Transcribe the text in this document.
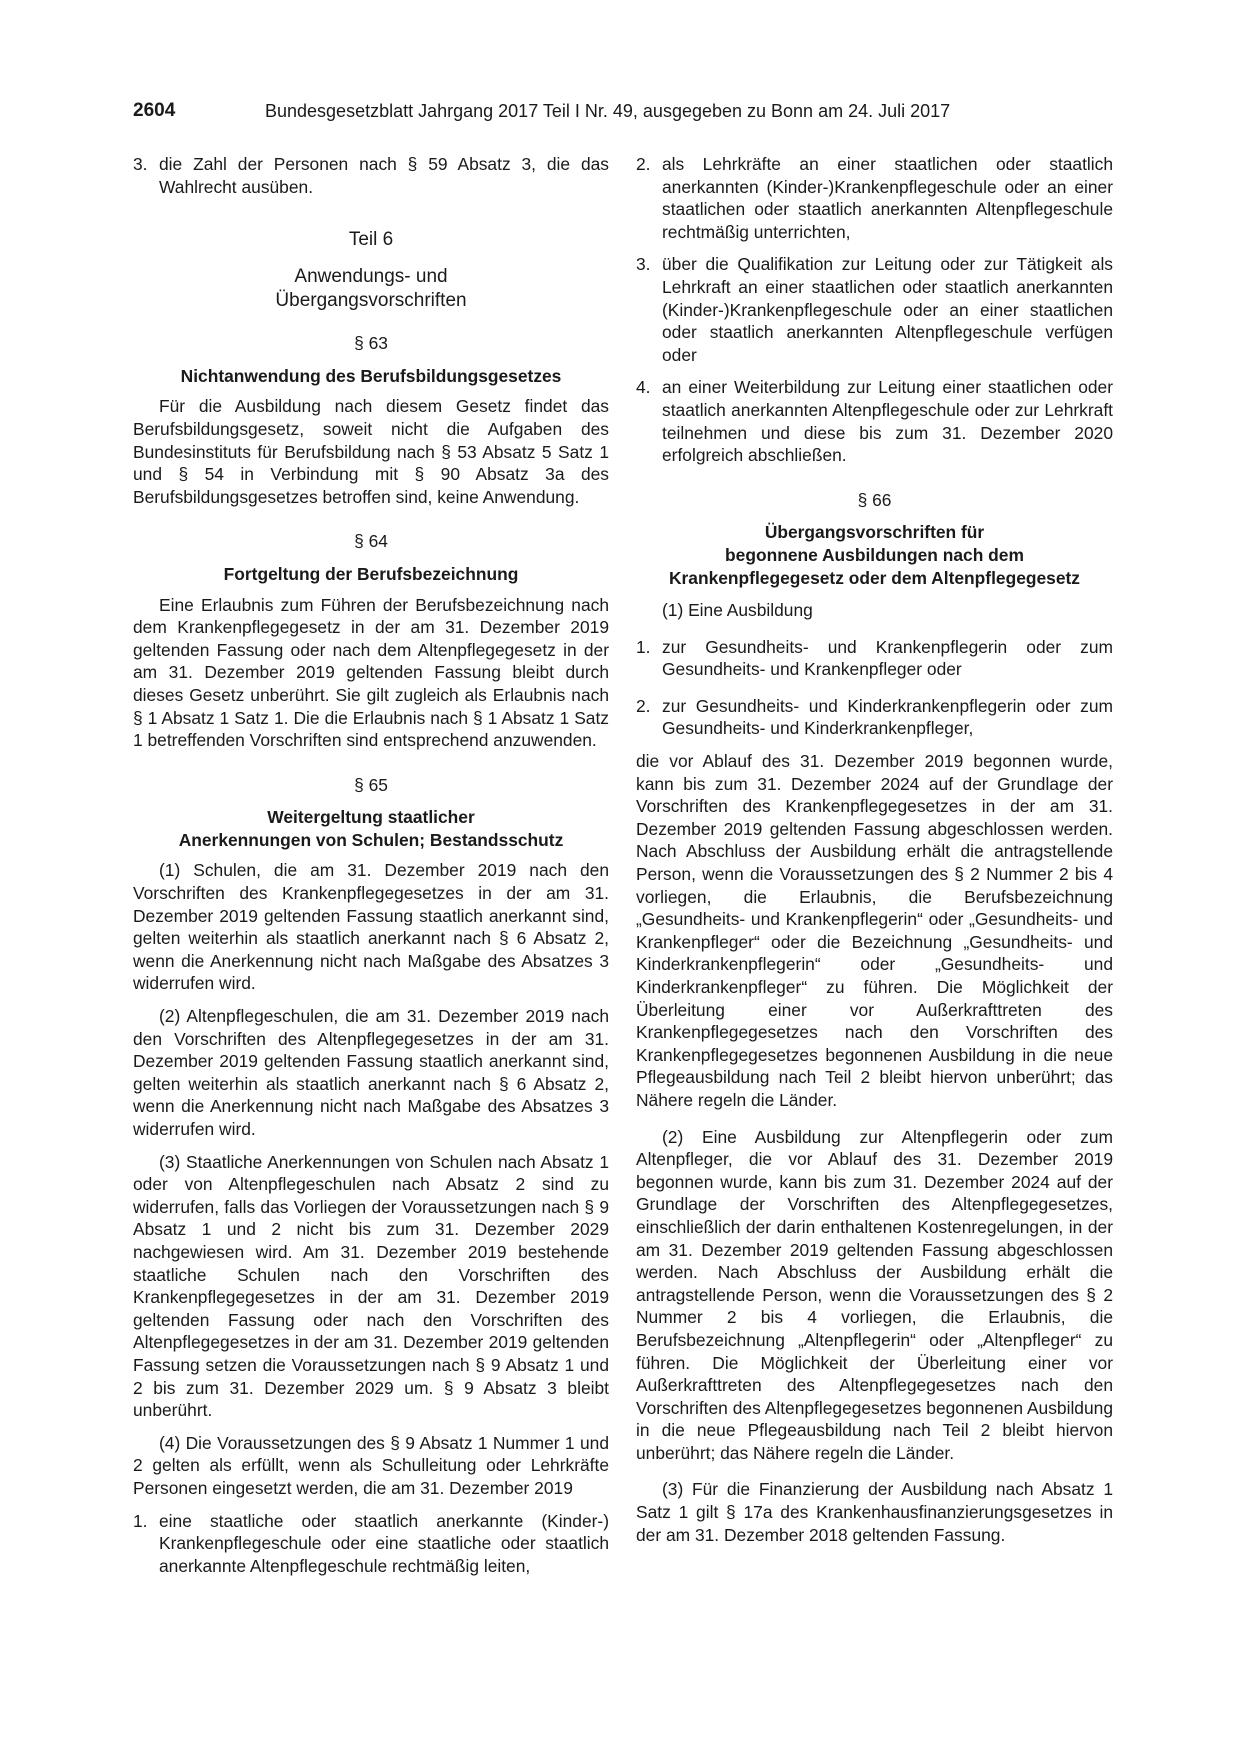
2604	Bundesgesetzblatt Jahrgang 2017 Teil I Nr. 49, ausgegeben zu Bonn am 24. Juli 2017
3. die Zahl der Personen nach § 59 Absatz 3, die das Wahlrecht ausüben.

Teil 6

Anwendungs- und

Übergangsvorschriften

§ 63

Nichtanwendung des Berufsbildungsgesetzes

Für die Ausbildung nach diesem Gesetz findet das Berufsbildungsgesetz, soweit nicht die Aufgaben des Bundesinstituts für Berufsbildung nach § 53 Absatz 5 Satz 1 und § 54 in Verbindung mit § 90 Absatz 3a des Berufsbildungsgesetzes betroffen sind, keine Anwendung.

§ 64

Fortgeltung der Berufsbezeichnung

Eine Erlaubnis zum Führen der Berufsbezeichnung nach dem Krankenpflegegesetz in der am 31. Dezember 2019 geltenden Fassung oder nach dem Altenpflegegesetz in der am 31. Dezember 2019 geltenden Fassung bleibt durch dieses Gesetz unberührt. Sie gilt zugleich als Erlaubnis nach § 1 Absatz 1 Satz 1. Die die Erlaubnis nach § 1 Absatz 1 Satz 1 betreffenden Vorschriften sind entsprechend anzuwenden.

§ 65

Weitergeltung staatlicher

Anerkennungen von Schulen; Bestandsschutz

(1) Schulen, die am 31. Dezember 2019 nach den Vorschriften des Krankenpflegegesetzes in der am 31. Dezember 2019 geltenden Fassung staatlich anerkannt sind, gelten weiterhin als staatlich anerkannt nach § 6 Absatz 2, wenn die Anerkennung nicht nach Maßgabe des Absatzes 3 widerrufen wird.

(2) Altenpflegeschulen, die am 31. Dezember 2019 nach den Vorschriften des Altenpflegegesetzes in der am 31. Dezember 2019 geltenden Fassung staatlich anerkannt sind, gelten weiterhin als staatlich anerkannt nach § 6 Absatz 2, wenn die Anerkennung nicht nach Maßgabe des Absatzes 3 widerrufen wird.

(3) Staatliche Anerkennungen von Schulen nach Absatz 1 oder von Altenpflegeschulen nach Absatz 2 sind zu widerrufen, falls das Vorliegen der Voraussetzungen nach § 9 Absatz 1 und 2 nicht bis zum 31. Dezember 2029 nachgewiesen wird. Am 31. Dezember 2019 bestehende staatliche Schulen nach den Vorschriften des Krankenpflegegesetzes in der am 31. Dezember 2019 geltenden Fassung oder nach den Vorschriften des Altenpflegegesetzes in der am 31. Dezember 2019 geltenden Fassung setzen die Voraussetzungen nach § 9 Absatz 1 und 2 bis zum 31. Dezember 2029 um. § 9 Absatz 3 bleibt unberührt.

(4) Die Voraussetzungen des § 9 Absatz 1 Nummer 1 und 2 gelten als erfüllt, wenn als Schulleitung oder Lehrkräfte Personen eingesetzt werden, die am 31. Dezember 2019

1. eine staatliche oder staatlich anerkannte (Kinder-) Krankenpflegeschule oder eine staatliche oder staatlich anerkannte Altenpflegeschule rechtmäßig leiten,
2. als Lehrkräfte an einer staatlichen oder staatlich anerkannten (Kinder-)Krankenpflegeschule oder an einer staatlichen oder staatlich anerkannten Altenpflegeschule rechtmäßig unterrichten,
3. über die Qualifikation zur Leitung oder zur Tätigkeit als Lehrkraft an einer staatlichen oder staatlich anerkannten (Kinder-)Krankenpflegeschule oder an einer staatlichen oder staatlich anerkannten Altenpflegeschule verfügen oder
4. an einer Weiterbildung zur Leitung einer staatlichen oder staatlich anerkannten Altenpflegeschule oder zur Lehrkraft teilnehmen und diese bis zum 31. Dezember 2020 erfolgreich abschließen.

§ 66

Übergangsvorschriften für

begonnene Ausbildungen nach dem

Krankenpflegegesetz oder dem Altenpflegegesetz

(1) Eine Ausbildung

1. zur Gesundheits- und Krankenpflegerin oder zum Gesundheits- und Krankenpfleger oder
2. zur Gesundheits- und Kinderkrankenpflegerin oder zum Gesundheits- und Kinderkrankenpfleger,

die vor Ablauf des 31. Dezember 2019 begonnen wurde, kann bis zum 31. Dezember 2024 auf der Grundlage der Vorschriften des Krankenpflegegesetzes in der am 31. Dezember 2019 geltenden Fassung abgeschlossen werden. Nach Abschluss der Ausbildung erhält die antragstellende Person, wenn die Voraussetzungen des § 2 Nummer 2 bis 4 vorliegen, die Erlaubnis, die Berufsbezeichnung „Gesundheits- und Krankenpflegerin“ oder „Gesundheits- und Krankenpfleger“ oder die Bezeichnung „Gesundheits- und Kinderkrankenpflegerin“ oder „Gesundheits- und Kinderkrankenpfleger“ zu führen. Die Möglichkeit der Überleitung einer vor Außerkrafttreten des Krankenpflegegesetzes nach den Vorschriften des Krankenpflegegesetzes begonnenen Ausbildung in die neue Pflegeausbildung nach Teil 2 bleibt hiervon unberührt; das Nähere regeln die Länder.

(2) Eine Ausbildung zur Altenpflegerin oder zum Altenpfleger, die vor Ablauf des 31. Dezember 2019 begonnen wurde, kann bis zum 31. Dezember 2024 auf der Grundlage der Vorschriften des Altenpflegegesetzes, einschließlich der darin enthaltenen Kostenregelungen, in der am 31. Dezember 2019 geltenden Fassung abgeschlossen werden. Nach Abschluss der Ausbildung erhält die antragstellende Person, wenn die Voraussetzungen des § 2 Nummer 2 bis 4 vorliegen, die Erlaubnis, die Berufsbezeichnung „Altenpflegerin“ oder „Altenpfleger“ zu führen. Die Möglichkeit der Überleitung einer vor Außerkrafttreten des Altenpflegegesetzes nach den Vorschriften des Altenpflegegesetzes begonnenen Ausbildung in die neue Pflegeausbildung nach Teil 2 bleibt hiervon unberührt; das Nähere regeln die Länder.

(3) Für die Finanzierung der Ausbildung nach Absatz 1 Satz 1 gilt § 17a des Krankenhausfinanzierungsgesetzes in der am 31. Dezember 2018 geltenden Fassung.
